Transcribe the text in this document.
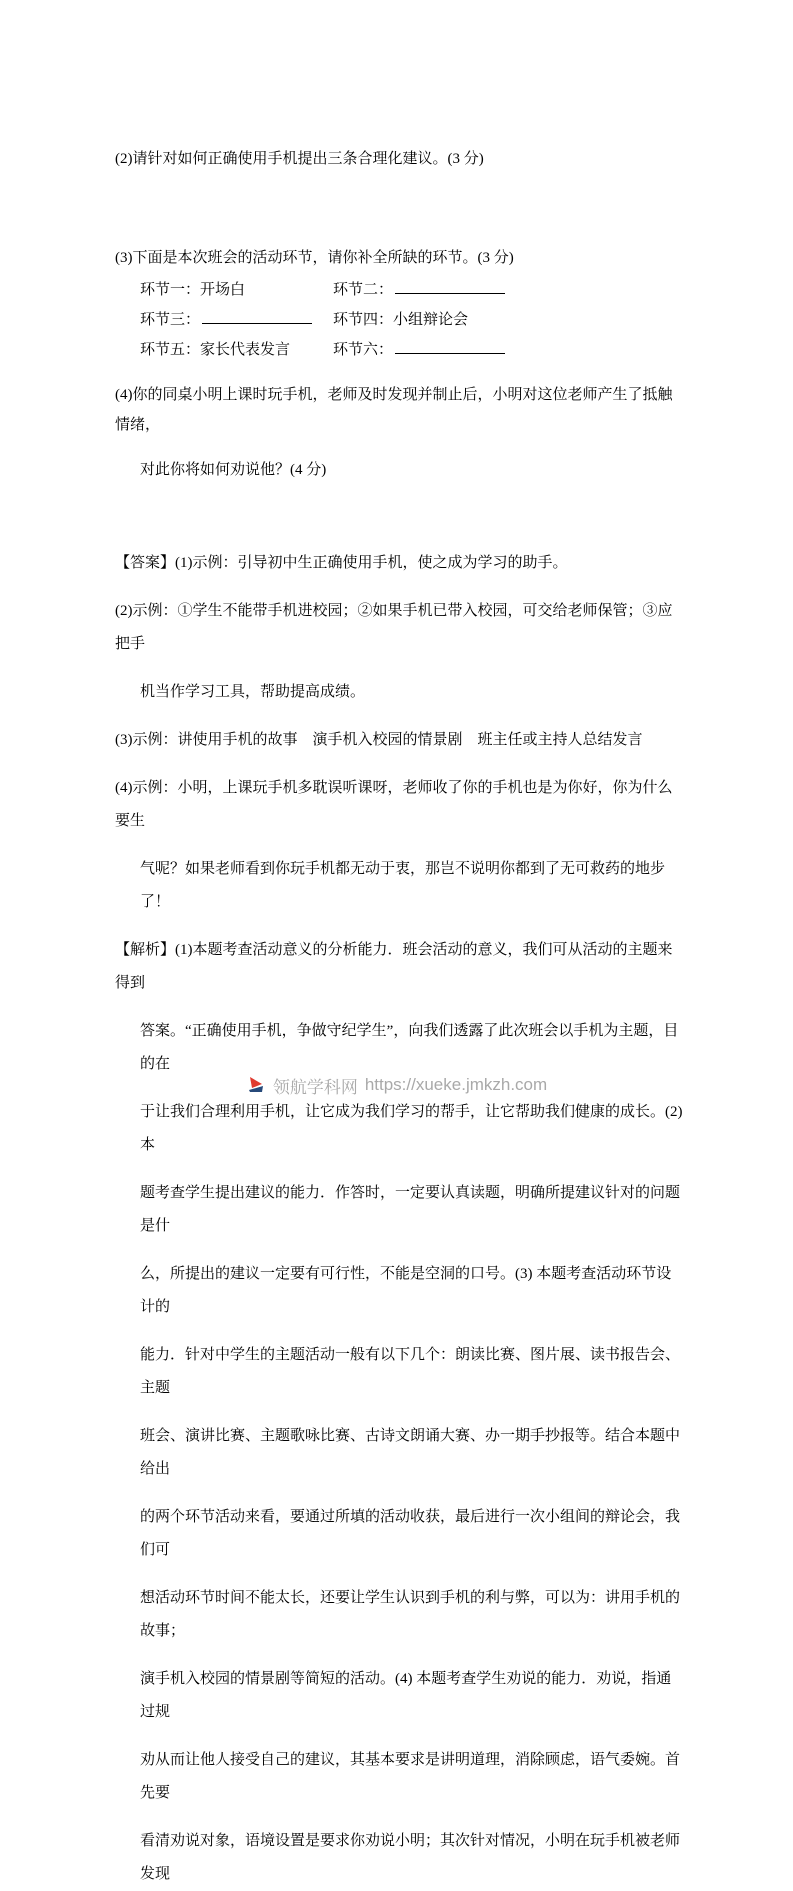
(2)请针对如何正确使用手机提出三条合理化建议。(3 分)

(3)下面是本次班会的活动环节，请你补全所缺的环节。(3 分)

环节一：开场白	环节二：
环节三：	环节四：小组辩论会
环节五：家长代表发言	环节六：

(4)你的同桌小明上课时玩手机，老师及时发现并制止后，小明对这位老师产生了抵触情绪，

对此你将如何劝说他？(4 分)

【答案】(1)示例：引导初中生正确使用手机，使之成为学习的助手。

(2)示例：①学生不能带手机进校园；②如果手机已带入校园，可交给老师保管；③应把手

机当作学习工具，帮助提高成绩。

(3)示例：讲使用手机的故事　演手机入校园的情景剧　班主任或主持人总结发言

(4)示例：小明，上课玩手机多耽误听课呀，老师收了你的手机也是为你好，你为什么要生

气呢？如果老师看到你玩手机都无动于衷，那岂不说明你都到了无可救药的地步了！

【解析】(1)本题考查活动意义的分析能力．班会活动的意义，我们可从活动的主题来得到

答案。“正确使用手机，争做守纪学生”，向我们透露了此次班会以手机为主题，目的在

于让我们合理利用手机，让它成为我们学习的帮手，让它帮助我们健康的成长。(2) 本

题考查学生提出建议的能力．作答时，一定要认真读题，明确所提建议针对的问题是什

么，所提出的建议一定要有可行性，不能是空洞的口号。(3) 本题考查活动环节设计的

能力．针对中学生的主题活动一般有以下几个：朗读比赛、图片展、读书报告会、主题

班会、演讲比赛、主题歌咏比赛、古诗文朗诵大赛、办一期手抄报等。结合本题中给出

的两个环节活动来看，要通过所填的活动收获，最后进行一次小组间的辩论会，我们可

想活动环节时间不能太长，还要让学生认识到手机的利与弊，可以为：讲用手机的故事；

演手机入校园的情景剧等简短的活动。(4) 本题考查学生劝说的能力．劝说，指通过规

劝从而让他人接受自己的建议，其基本要求是讲明道理，消除顾虑，语气委婉。首先要

看清劝说对象，语境设置是要求你劝说小明；其次针对情况，小明在玩手机被老师发现

领航学科网 https://xueke.jmkzh.com
